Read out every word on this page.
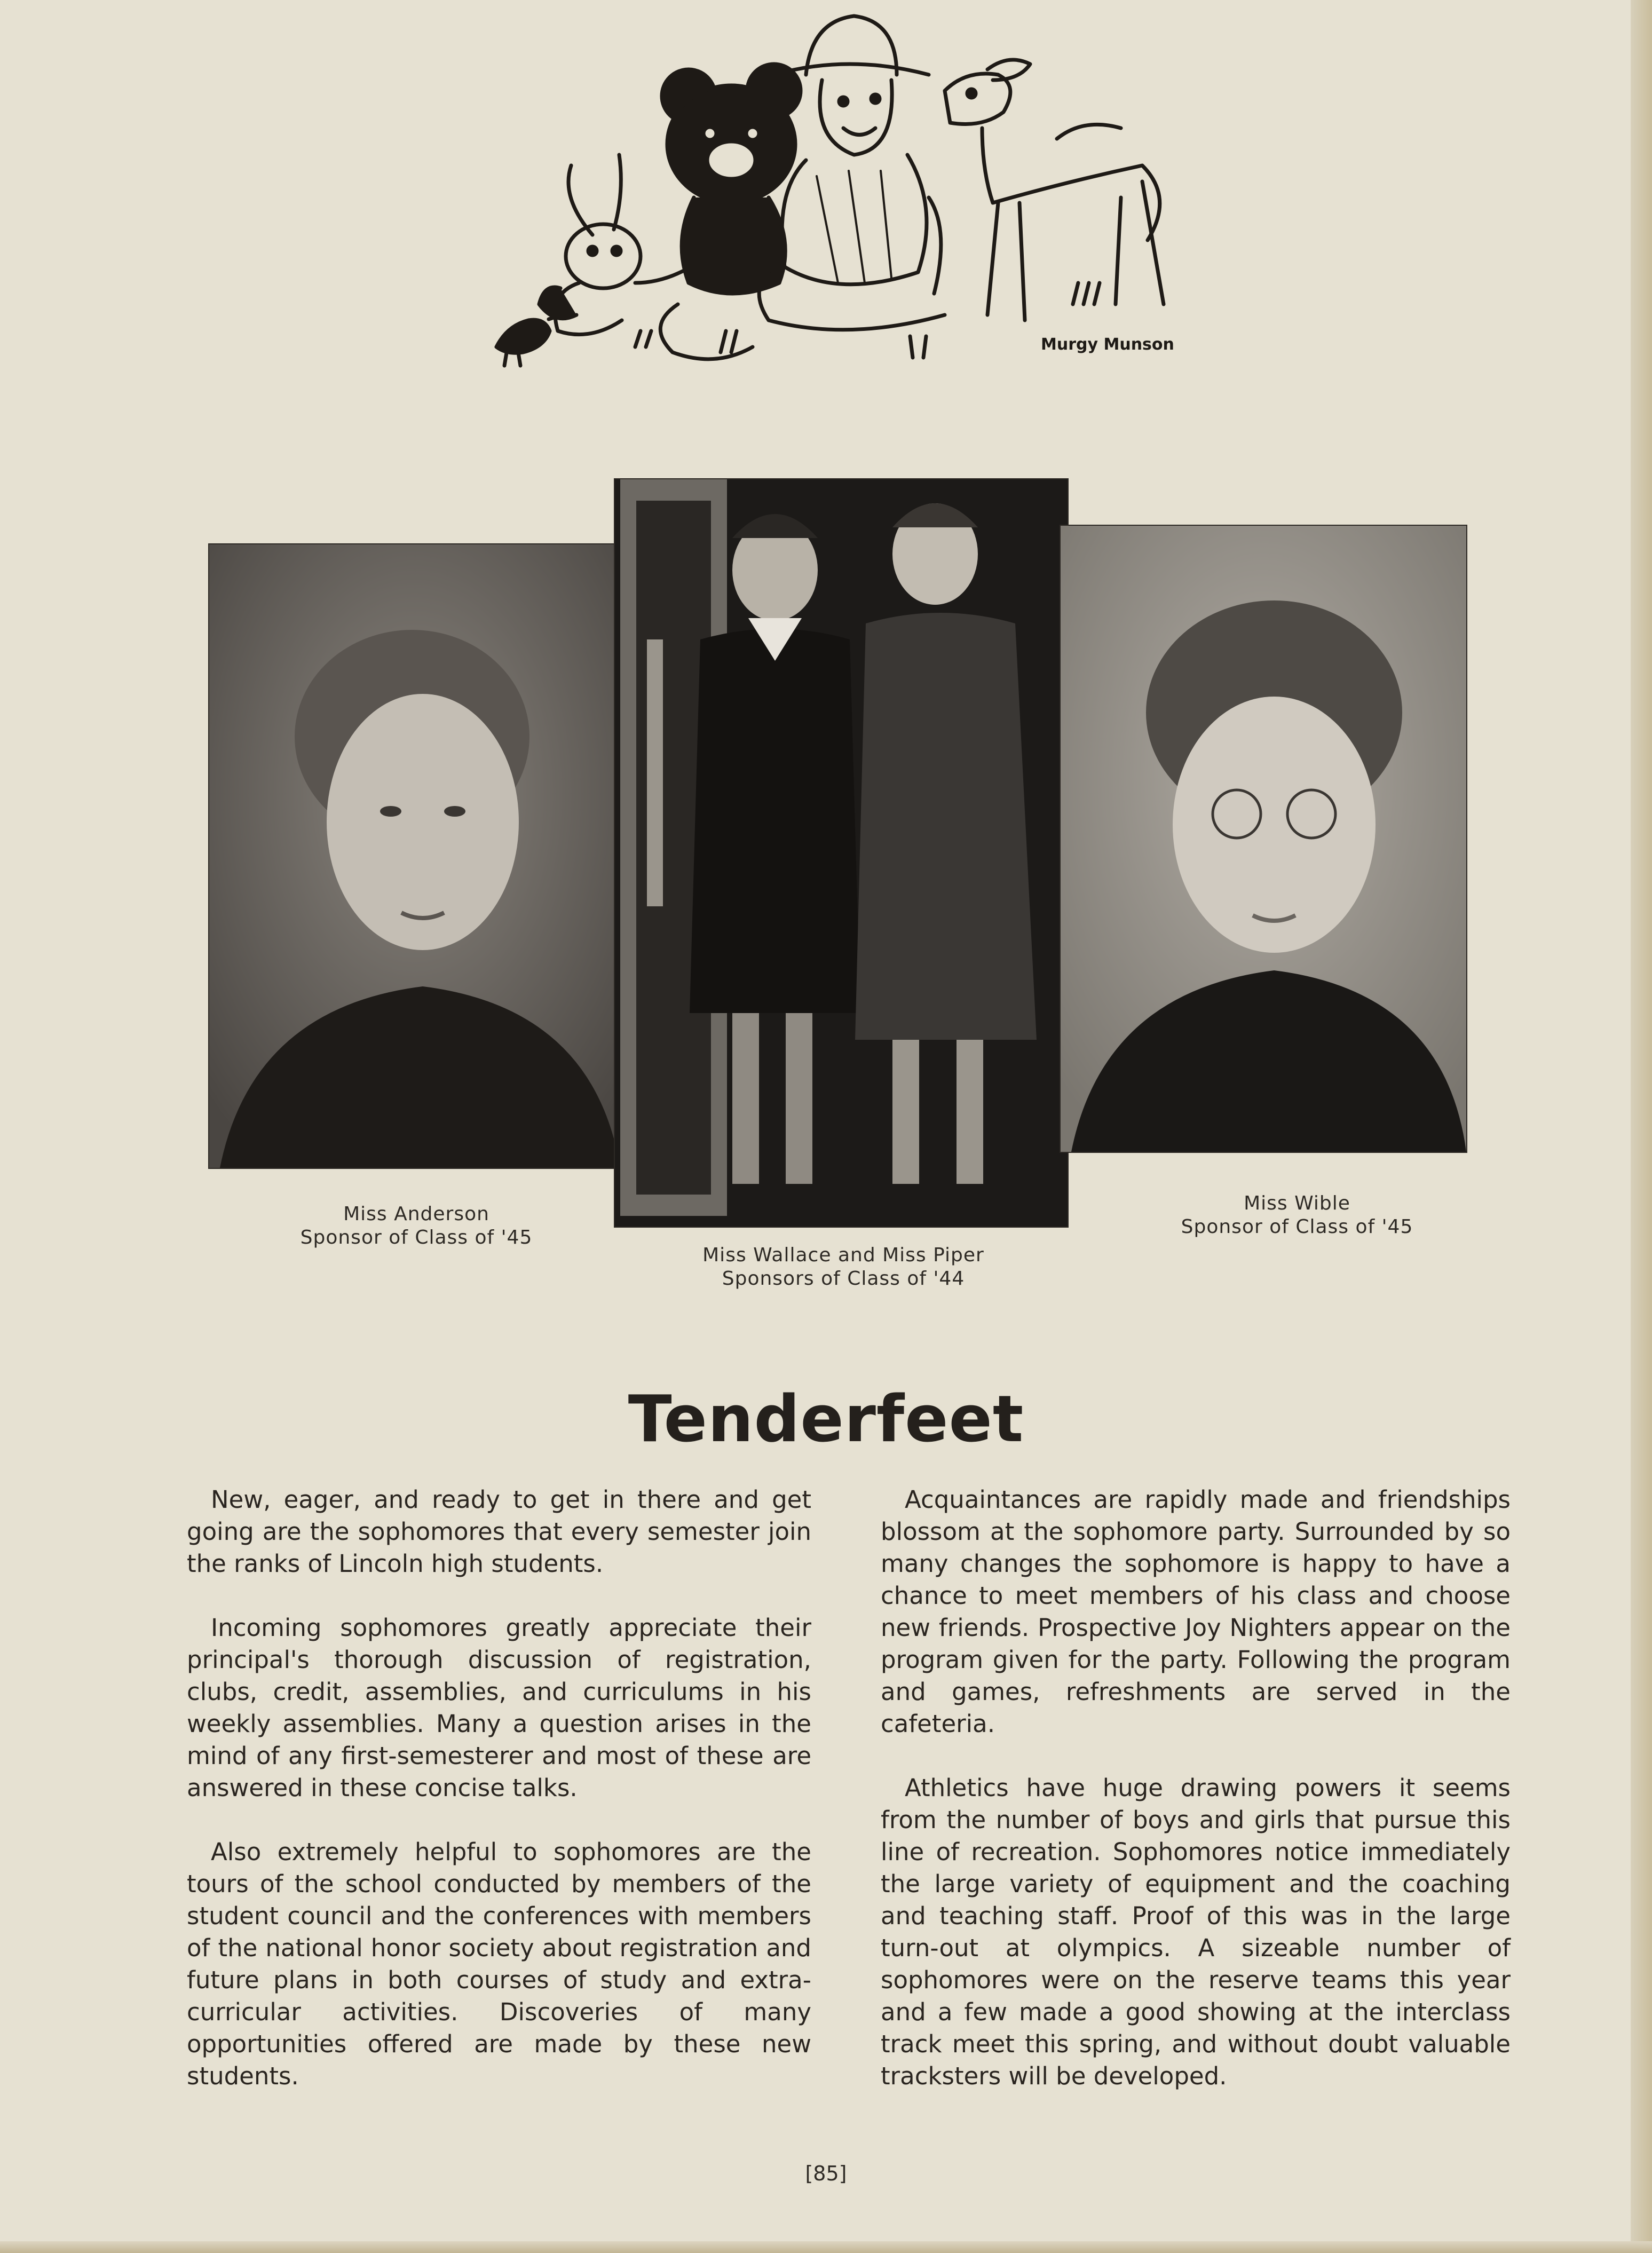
Miss Anderson
Sponsor of Class of '45
Miss Wallace and Miss Piper
Sponsors of Class of '44
Miss Wible
Sponsor of Class of '45
Tenderfeet

New, eager, and ready to get in there and get going are the sophomores that every semester join the ranks of Lincoln high students.

Incoming sophomores greatly appreciate their principal's thorough discussion of registration, clubs, credit, assemblies, and curriculums in his weekly assemblies. Many a question arises in the mind of any first-semesterer and most of these are answered in these concise talks.

Also extremely helpful to sophomores are the tours of the school conducted by members of the student council and the conferences with members of the national honor society about registration and future plans in both courses of study and extra-curricular activities. Discoveries of many opportunities offered are made by these new students.

Acquaintances are rapidly made and friendships blossom at the sophomore party. Surrounded by so many changes the sophomore is happy to have a chance to meet members of his class and choose new friends. Prospective Joy Nighters appear on the program given for the party. Following the program and games, refreshments are served in the cafeteria.

Athletics have huge drawing powers it seems from the number of boys and girls that pursue this line of recreation. Sophomores notice immediately the large variety of equipment and the coaching and teaching staff. Proof of this was in the large turn-out at olympics. A sizeable number of sophomores were on the reserve teams this year and a few made a good showing at the interclass track meet this spring, and without doubt valuable tracksters will be developed.

[85]
Murgy Munson
